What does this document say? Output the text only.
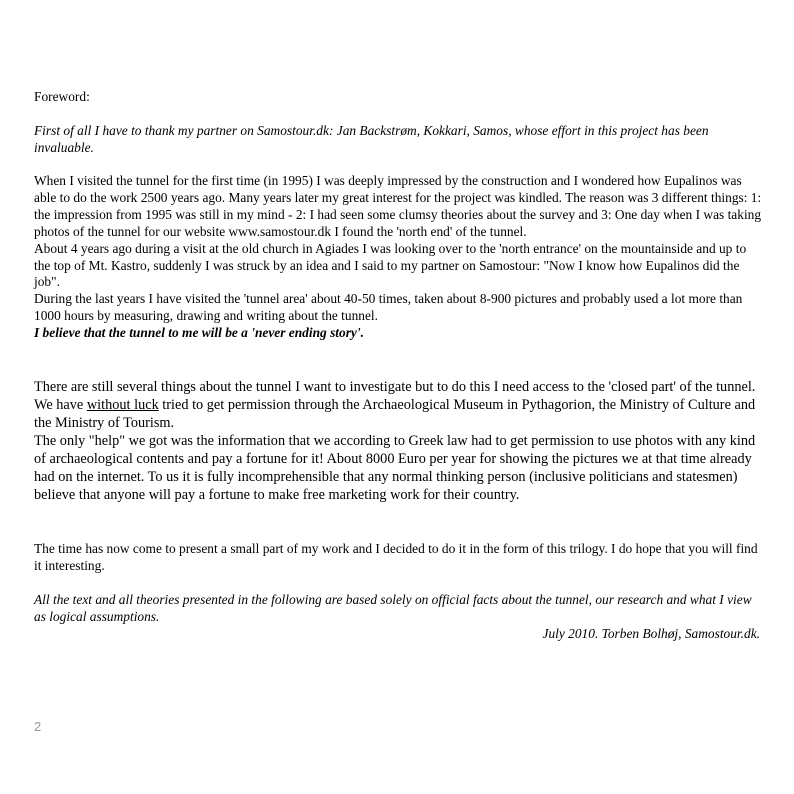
Foreword:

First of all I have to thank my partner on Samostour.dk: Jan Backstrøm, Kokkari, Samos, whose effort in this project has been invaluable.

When I visited the tunnel for the first time (in 1995) I was deeply impressed by the construction and I wondered how Eupalinos was able to do the work 2500 years ago. Many years later my great interest for the project was kindled. The reason was 3 different things: 1: the impression from 1995 was still in my mind - 2: I had seen some clumsy theories about the survey and 3: One day when I was taking photos of the tunnel for our website www.samostour.dk I found the 'north end' of the tunnel.
About 4 years ago during a visit at the old church in Agiades I was looking over to the 'north entrance' on the mountainside and up to the top of Mt. Kastro, suddenly I was struck by an idea and I said to my partner on Samostour: "Now I know how Eupalinos did the job".
During the last years I have visited the 'tunnel area' about 40-50 times, taken about 8-900 pictures and probably used a lot more than 1000 hours by measuring, drawing and writing about the tunnel.
I believe that the tunnel to me will be a 'never ending story'.

There are still several things about the tunnel I want to investigate but to do this I need access to the 'closed part' of the tunnel. We have without luck tried to get permission through the Archaeological Museum in Pythagorion, the Ministry of Culture and the Ministry of Tourism.

The only "help" we got was the information that we according to Greek law had to get permission to use photos with any kind of archaeological contents and pay a fortune for it! About 8000 Euro per year for showing the pictures we at that time already had on the internet. To us it is fully incomprehensible that any normal thinking person (inclusive politicians and statesmen) believe that anyone will pay a fortune to make free marketing work for their country.

The time has now come to present a small part of my work and I decided to do it in the form of this trilogy. I do hope that you will find it interesting.

All the text and all theories presented in the following are based solely on official facts about the tunnel, our research and what I view as logical assumptions.

July 2010. Torben Bolhøj, Samostour.dk.

2
